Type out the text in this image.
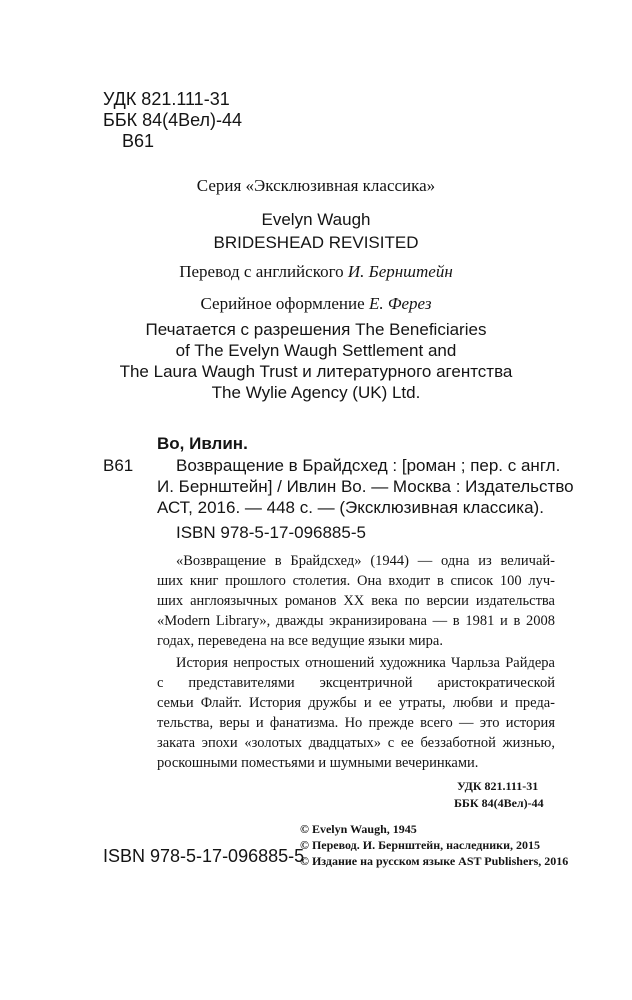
УДК 821.111-31
ББК 84(4Вел)-44
В61
Серия «Эксклюзивная классика»
Evelyn Waugh
BRIDESHEAD REVISITED
Перевод с английского И. Бернштейн
Серийное оформление Е. Ферез
Печатается с разрешения The Beneficiaries
of The Evelyn Waugh Settlement and
The Laura Waugh Trust и литературного агентства
The Wylie Agency (UK) Ltd.
Во, Ивлин.
В61	Возвращение в Брайдсхед : [роман ; пер. с англ.
И. Бернштейн] / Ивлин Во. — Москва : Издательство
АСТ, 2016. — 448 с. — (Эксклюзивная классика).
ISBN 978-5-17-096885-5
«Возвращение в Брайдсхед» (1944) — одна из величай-
ших книг прошлого столетия. Она входит в список 100 луч-
ших англоязычных романов XX века по версии издательства
«Modern Library», дважды экранизирована — в 1981 и в 2008
годах, переведена на все ведущие языки мира.
История непростых отношений художника Чарльза Райдера
с представителями эксцентричной аристократической
семьи Флайт. История дружбы и ее утраты, любви и преда-
тельства, веры и фанатизма. Но прежде всего — это история
заката эпохи «золотых двадцатых» с ее беззаботной жизнью,
роскошными поместьями и шумными вечеринками.
УДК 821.111-31
ББК 84(4Вел)-44
© Evelyn Waugh, 1945
© Перевод. И. Бернштейн, наследники, 2015
© Издание на русском языке AST Publishers, 2016
ISBN 978-5-17-096885-5
